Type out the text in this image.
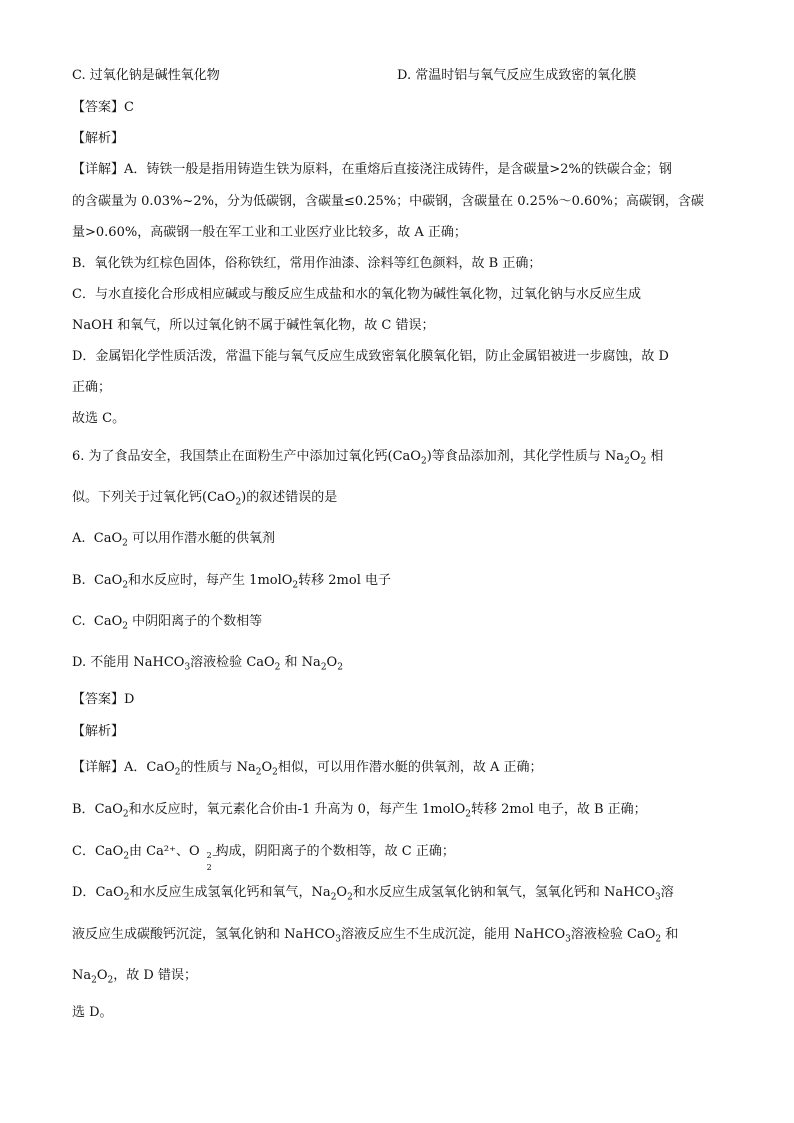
C. 过氧化钠是碱性氧化物	D. 常温时铝与氧气反应生成致密的氧化膜
【答案】C
【解析】
【详解】A．铸铁一般是指用铸造生铁为原料，在重熔后直接浇注成铸件，是含碳量>2%的铁碳合金；钢
的含碳量为 0.03%~2%，分为低碳钢，含碳量≤0.25%；中碳钢，含碳量在 0.25%～0.60%；高碳钢，含碳
量>0.60%，高碳钢一般在军工业和工业医疗业比较多，故 A 正确；
B．氧化铁为红棕色固体，俗称铁红，常用作油漆、涂料等红色颜料，故 B 正确；
C．与水直接化合形成相应碱或与酸反应生成盐和水的氧化物为碱性氧化物，过氧化钠与水反应生成
NaOH 和氧气，所以过氧化钠不属于碱性氧化物，故 C 错误；
D．金属铝化学性质活泼，常温下能与氧气反应生成致密氧化膜氧化铝，防止金属铝被进一步腐蚀，故 D
正确；
故选 C。
6. 为了食品安全，我国禁止在面粉生产中添加过氧化钙(CaO$_2$)等食品添加剂，其化学性质与 $Na_2O_2$ 相
似。下列关于过氧化钙(CaO$_2$)的叙述错误的是
A. CaO$_2$ 可以用作潜水艇的供氧剂
B. CaO$_2$和水反应时，每产生 1molO$_2$转移 2mol 电子
C. CaO$_2$ 中阴阳离子的个数相等
D. 不能用 NaHCO$_3$溶液检验 CaO$_2$ 和 $Na_2O_2$
【答案】D
【解析】
【详解】A．CaO$_2$的性质与 $Na_2O_2$相似，可以用作潜水艇的供氧剂，故 A 正确；
B．CaO$_2$和水反应时，氧元素化合价由-1 升高为 0，每产生 1molO$_2$转移 2mol 电子，故 B 正确；
C．CaO$_2$由 Ca²⁺、O 2−
2
构成，阴阳离子的个数相等，故 C 正确；
D．CaO$_2$和水反应生成氢氧化钙和氧气，$Na_2O_2$和水反应生成氢氧化钠和氧气，氢氧化钙和 NaHCO$_3$溶
液反应生成碳酸钙沉淀，氢氧化钠和 NaHCO$_3$溶液反应生不生成沉淀，能用 NaHCO$_3$溶液检验 CaO$_2$ 和
$Na_2O_2$，故 D 错误；
选 D。
